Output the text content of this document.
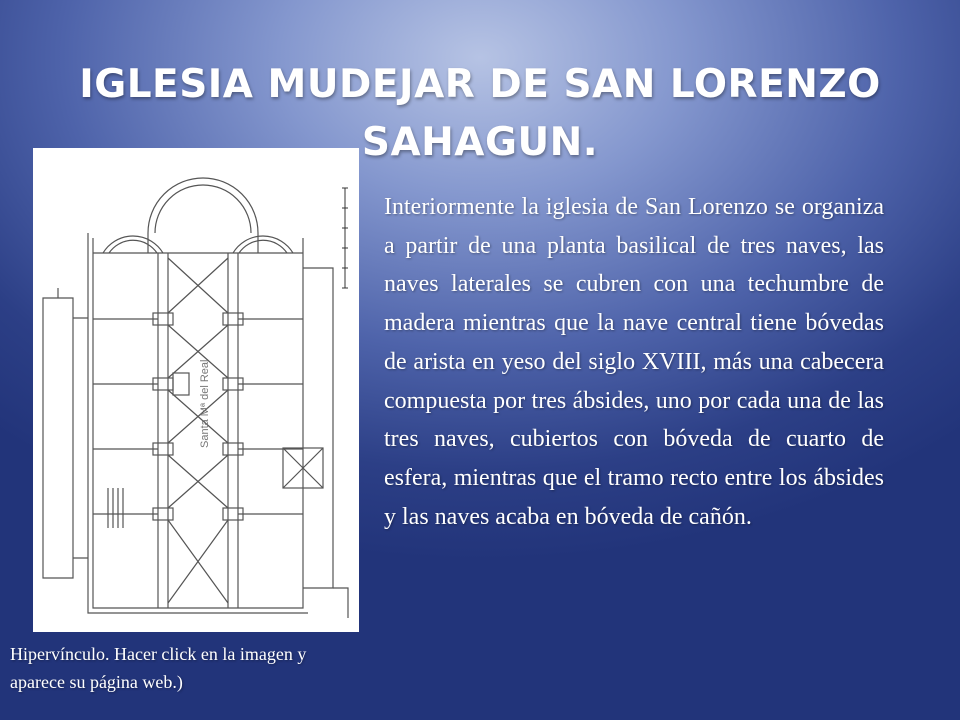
IGLESIA MUDEJAR DE SAN LORENZO SAHAGUN.
Santa Mª del Real

Interiormente la iglesia de San Lorenzo se organiza a partir de una planta basilical de tres naves, las naves laterales se cubren con una techumbre de madera mientras que la nave central tiene bóvedas de arista en yeso del siglo XVIII, más una cabecera compuesta por tres ábsides, uno por cada una de las tres naves, cubiertos con bóveda de cuarto de esfera, mientras que el tramo recto entre los ábsides y las naves acaba en bóveda de cañón.

Hipervínculo. Hacer click en la imagen y aparece su página web.)
